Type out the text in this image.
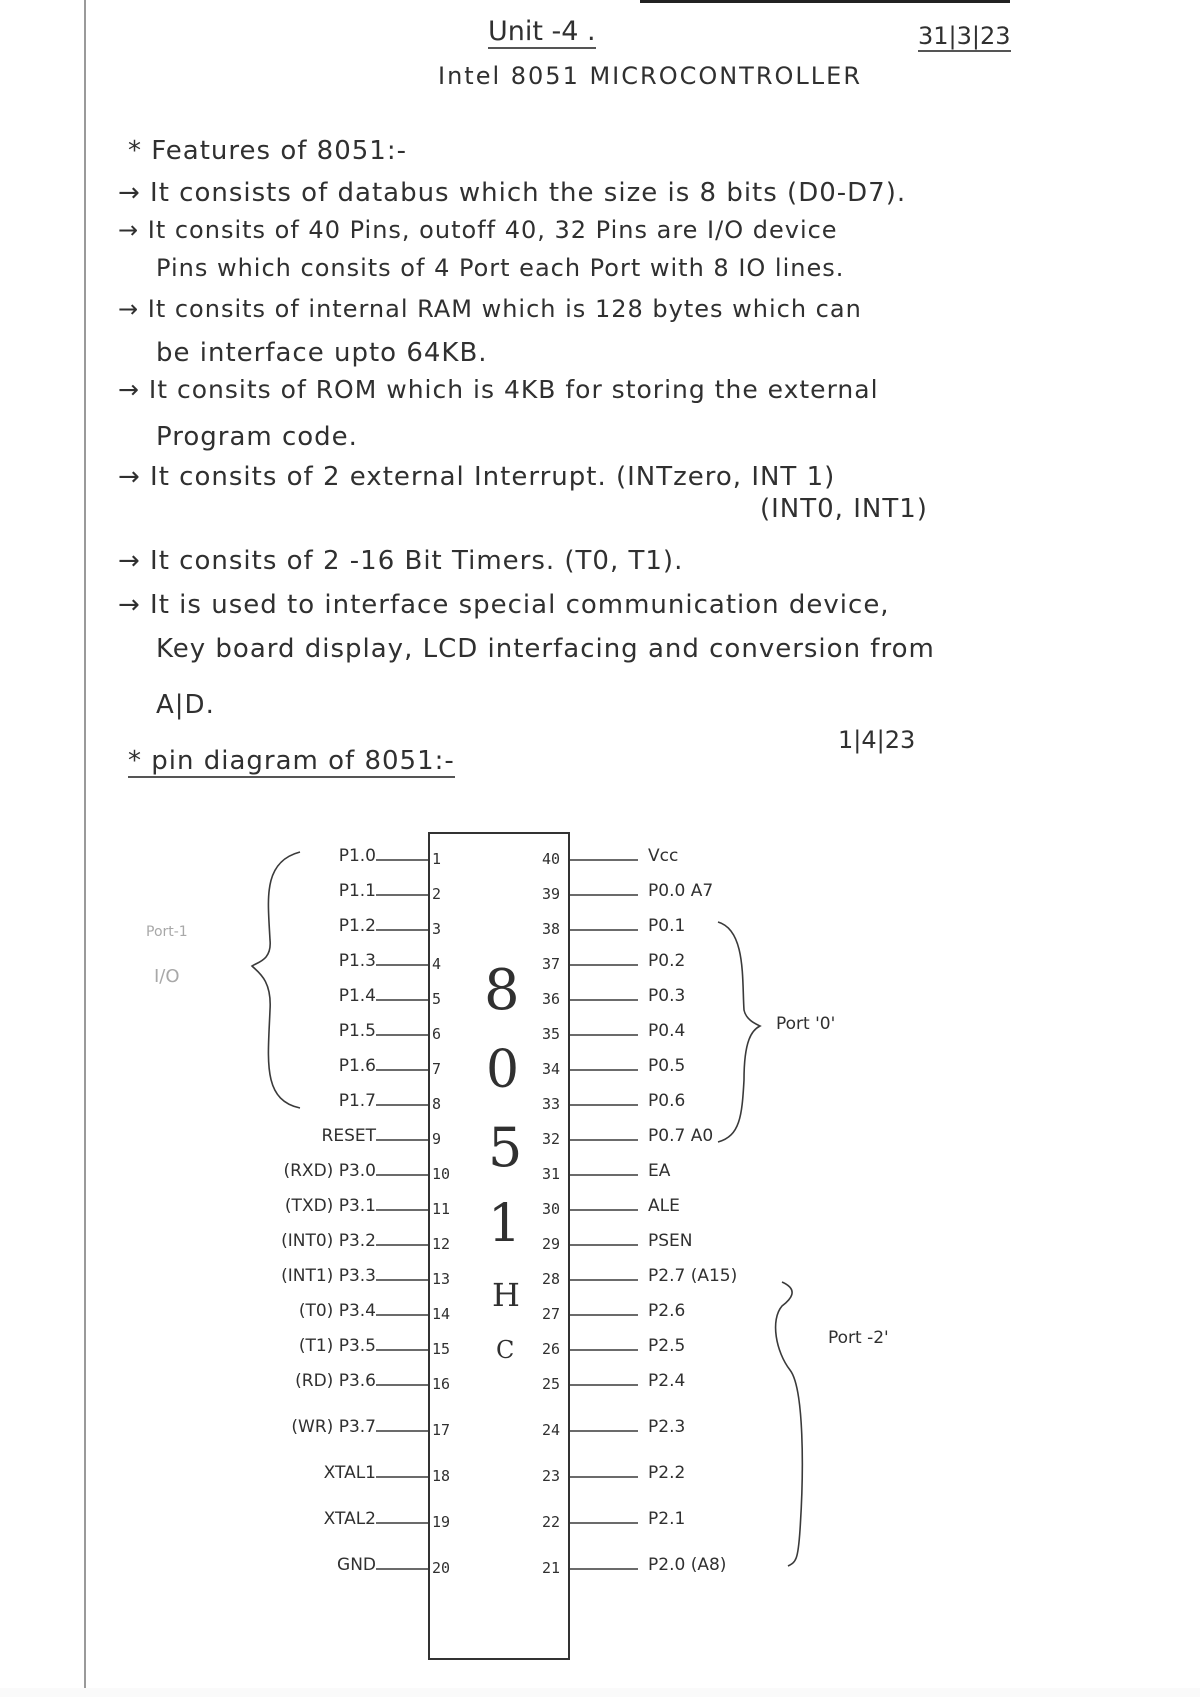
Unit -4 .	31|3|23
Intel 8051 MICROCONTROLLER
* Features of 8051:-
→ It consists of databus which the size is 8 bits (D0-D7).
→ It consits of 40 Pins, outoff 40, 32 Pins are I/O device
Pins which consits of 4 Port each Port with 8 IO lines.
→ It consits of internal RAM which is 128 bytes which can
be interface upto 64KB.
→ It consits of ROM which is 4KB for storing the external
Program code.
→ It consits of 2 external Interrupt. (INTzero, INT 1)
(INT0, INT1)
→ It consits of 2 -16 Bit Timers. (T0, T1).
→ It is used to interface special communication device,
Key board display, LCD interfacing and conversion from
A|D.
1|4|23
* pin diagram of 8051:-
8
0
5
1
H
C
Port-1
I/O
Port '0'
Port -2'
P1.0	1
P1.1	2
P1.2	3
P1.3	4
P1.4	5
P1.5	6
P1.6	7
P1.7	8
RESET	9
(RXD) P3.0	10
(TXD) P3.1	11
(INT0) P3.2	12
(INT1) P3.3	13
(T0) P3.4	14
(T1) P3.5	15
(RD) P3.6	16
(WR) P3.7	17
XTAL1	18
XTAL2	19
GND	20
Vcc
40
P0.0 A7
39
P0.1
38
P0.2
37
P0.3
36
P0.4
35
P0.5
34
P0.6
33
P0.7 A0
32
EA
31
ALE
30
PSEN
29
P2.7 (A15)
28
P2.6
27
P2.5
26
P2.4
25
P2.3
24
P2.2
23
P2.1
22
P2.0 (A8)
21
